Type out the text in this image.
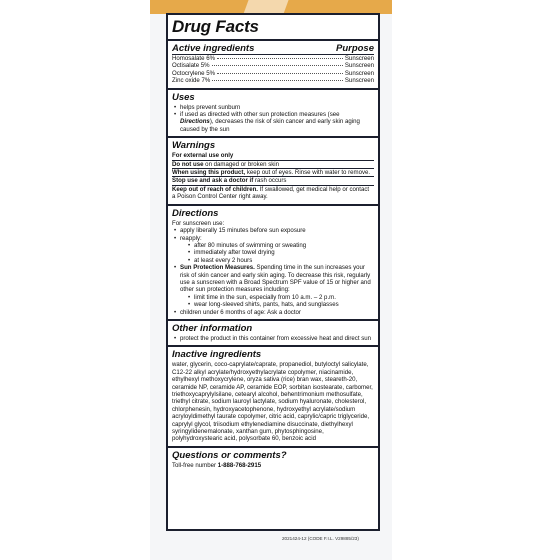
Drug Facts
Active ingredients	Purpose
Homosalate 6%	Sunscreen
Octisalate 5%	Sunscreen
Octocrylene 5%	Sunscreen
Zinc oxide 7%	Sunscreen
Uses
• helps prevent sunburn
• if used as directed with other sun protection measures (see Directions), decreases the risk of skin cancer and early skin aging caused by the sun
Warnings
For external use only
Do not use on damaged or broken skin
When using this product, keep out of eyes. Rinse with water to remove.
Stop use and ask a doctor if rash occurs
Keep out of reach of children. If swallowed, get medical help or contact a Poison Control Center right away.
Directions
For sunscreen use:
• apply liberally 15 minutes before sun exposure
• reapply:
• after 80 minutes of swimming or sweating
• immediately after towel drying
• at least every 2 hours
• Sun Protection Measures. Spending time in the sun increases your risk of skin cancer and early skin aging. To decrease this risk, regularly use a sunscreen with a Broad Spectrum SPF value of 15 or higher and other sun protection measures including:
• limit time in the sun, especially from 10 a.m. – 2 p.m.
• wear long-sleeved shirts, pants, hats, and sunglasses
• children under 6 months of age: Ask a doctor
Other information
• protect the product in this container from excessive heat and direct sun
Inactive ingredients
water, glycerin, coco-caprylate/caprate, propanediol, butyloctyl salicylate, C12-22 alkyl acrylate/hydroxyethylacrylate copolymer, niacinamide, ethylhexyl methoxycrylene, oryza sativa (rice) bran wax, steareth-20, ceramide NP, ceramide AP, ceramide EOP, sorbitan isostearate, carbomer, triethoxycaprylylsilane, cetearyl alcohol, behentrimonium methosulfate, triethyl citrate, sodium lauroyl lactylate, sodium hyaluronate, cholesterol, chlorphenesin, hydroxyacetophenone, hydroxyethyl acrylate/sodium acryloyldimethyl taurate copolymer, citric acid, caprylic/capric triglyceride, caprylyl glycol, triisodium ethylenediamine disuccinate, diethylhexyl syringylidenemalonate, xanthan gum, phytosphingosine, polyhydroxystearic acid, polysorbate 60, benzoic acid
Questions or comments?
Toll-free number 1-888-768-2915
2021424-12 (CODE F.I.L. V29885/23)
